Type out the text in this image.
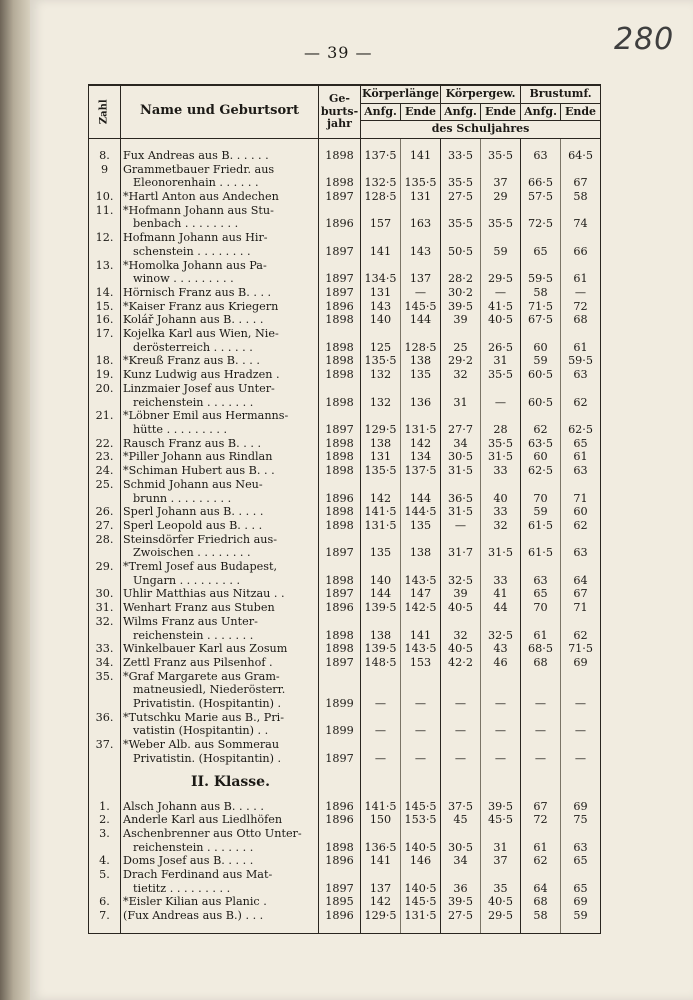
— 39 —	280
Zahl	Name und Geburtsort	Ge- burts- jahr	Körperlänge		Körpergew.		Brustumf.	
			Anfg.	Ende	Anfg.	Ende	Anfg.	Ende
			des Schuljahres					

8.	Fux Andreas aus B. . . . . .	1898	137·5	141	33·5	35·5	63	64·5
9	Grammetbauer Friedr. aus							
	Eleonorenhain . . . . . .	1898	132·5	135·5	35·5	37	66·5	67
10.	*Hartl Anton aus Andechen	1897	128·5	131	27·5	29	57·5	58
11.	*Hofmann Johann aus Stu-							
	benbach . . . . . . . .	1896	157	163	35·5	35·5	72·5	74
12.	Hofmann Johann aus Hir-							
	schenstein . . . . . . . .	1897	141	143	50·5	59	65	66
13.	*Homolka Johann aus Pa-							
	winow . . . . . . . . .	1897	134·5	137	28·2	29·5	59·5	61
14.	Hörnisch Franz aus B. . . .	1897	131	—	30·2	—	58	—
15.	*Kaiser Franz aus Kriegern	1896	143	145·5	39·5	41·5	71·5	72
16.	Kolář Johann aus B. . . . .	1898	140	144	39	40·5	67·5	68
17.	Kojelka Karl aus Wien, Nie-							
	derösterreich . . . . . .	1898	125	128·5	25	26·5	60	61
18.	*Kreuß Franz aus B. . . .	1898	135·5	138	29·2	31	59	59·5
19.	Kunz Ludwig aus Hradzen .	1898	132	135	32	35·5	60·5	63
20.	Linzmaier Josef aus Unter-							
	reichenstein . . . . . . .	1898	132	136	31	—	60·5	62
21.	*Löbner Emil aus Hermanns-							
	hütte . . . . . . . . .	1897	129·5	131·5	27·7	28	62	62·5
22.	Rausch Franz aus B. . . .	1898	138	142	34	35·5	63·5	65
23.	*Piller Johann aus Rindlan	1898	131	134	30·5	31·5	60	61
24.	*Schiman Hubert aus B. . .	1898	135·5	137·5	31·5	33	62·5	63
25.	Schmid Johann aus Neu-							
	brunn . . . . . . . . .	1896	142	144	36·5	40	70	71
26.	Sperl Johann aus B. . . . .	1898	141·5	144·5	31·5	33	59	60
27.	Sperl Leopold aus B. . . .	1898	131·5	135	—	32	61·5	62
28.	Steinsdörfer Friedrich aus-							
	Zwoischen . . . . . . . .	1897	135	138	31·7	31·5	61·5	63
29.	*Treml Josef aus Budapest,							
	Ungarn . . . . . . . . .	1898	140	143·5	32·5	33	63	64
30.	Uhlir Matthias aus Nitzau . .	1897	144	147	39	41	65	67
31.	Wenhart Franz aus Stuben	1896	139·5	142·5	40·5	44	70	71
32.	Wilms Franz aus Unter-							
	reichenstein . . . . . . .	1898	138	141	32	32·5	61	62
33.	Winkelbauer Karl aus Zosum	1898	139·5	143·5	40·5	43	68·5	71·5
34.	Zettl Franz aus Pilsenhof .	1897	148·5	153	42·2	46	68	69
35.	*Graf Margarete aus Gram-							
	matneusiedl, Niederösterr.							
	Privatistin. (Hospitantin) .	1899	—	—	—	—	—	—
36.	*Tutschku Marie aus B., Pri-							
	vatistin (Hospitantin) . .	1899	—	—	—	—	—	—
37.	*Weber Alb. aus Sommerau							
	Privatistin. (Hospitantin) .	1897	—	—	—	—	—	—
	II. Klasse.							
1.	Alsch Johann aus B. . . . .	1896	141·5	145·5	37·5	39·5	67	69
2.	Anderle Karl aus Liedlhöfen	1896	150	153·5	45	45·5	72	75
3.	Aschenbrenner aus Otto Unter-							
	reichenstein . . . . . . .	1898	136·5	140·5	30·5	31	61	63
4.	Doms Josef aus B. . . . .	1896	141	146	34	37	62	65
5.	Drach Ferdinand aus Mat-							
	tietitz . . . . . . . . .	1897	137	140·5	36	35	64	65
6.	*Eisler Kilian aus Planic .	1895	142	145·5	39·5	40·5	68	69
7.	(Fux Andreas aus B.) . . .	1896	129·5	131·5	27·5	29·5	58	59
